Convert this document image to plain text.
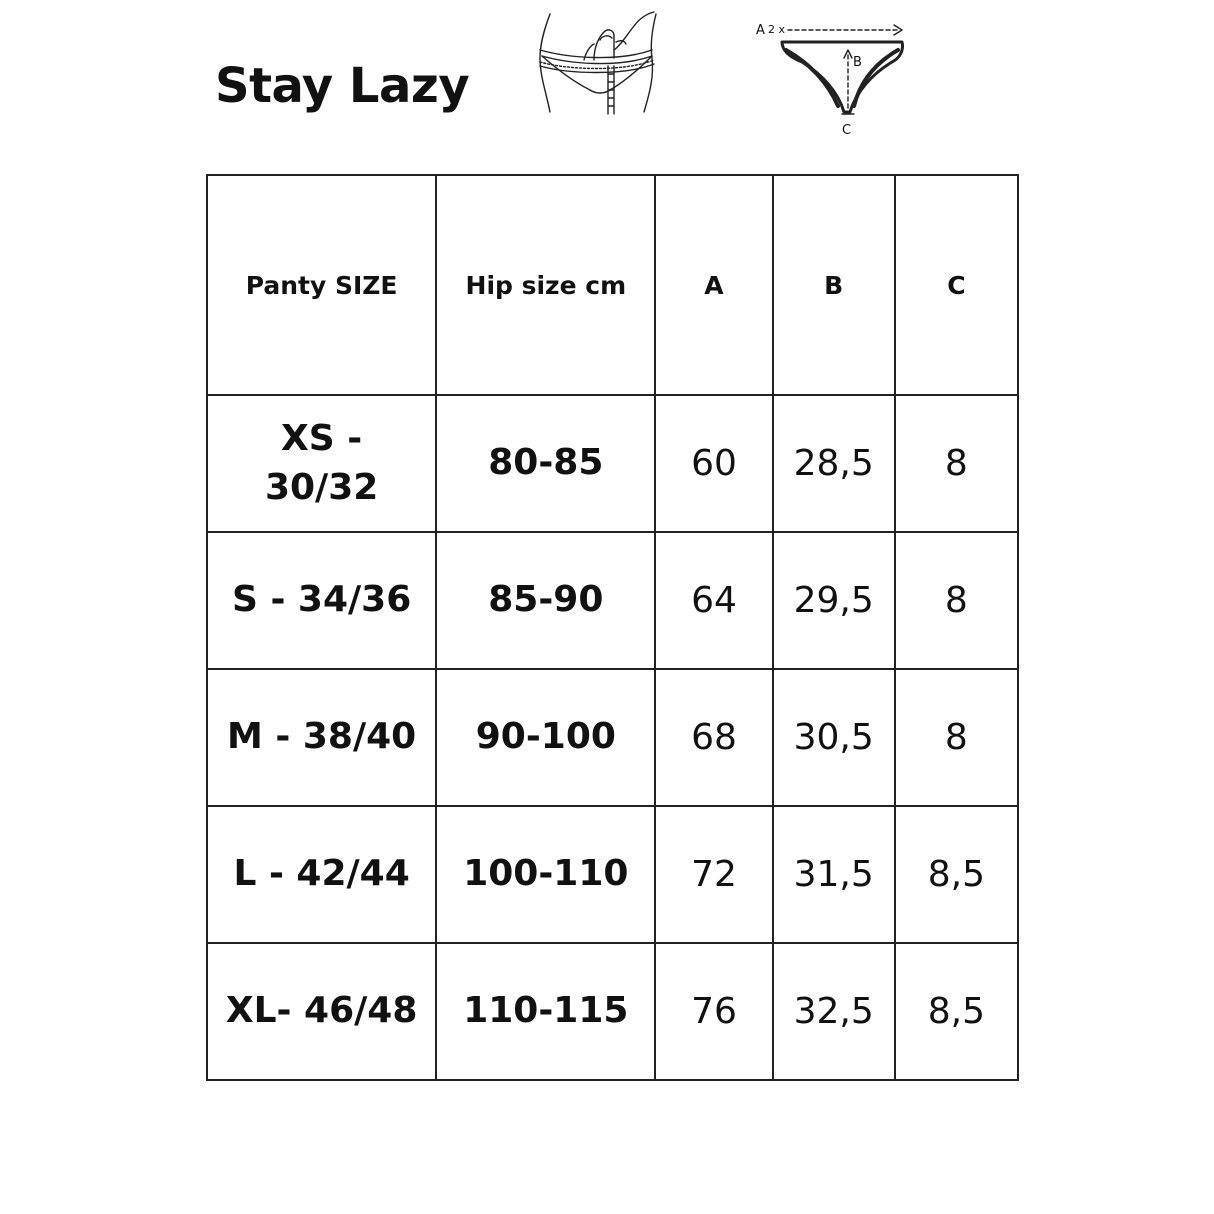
Stay Lazy
A 2 x
B
C
Panty SIZE	Hip size cm	A	B	C
XS -
30/32	80-85	60	28,5	8
S - 34/36	85-90	64	29,5	8
M - 38/40	90-100	68	30,5	8
L - 42/44	100-110	72	31,5	8,5
XL- 46/48	110-115	76	32,5	8,5
